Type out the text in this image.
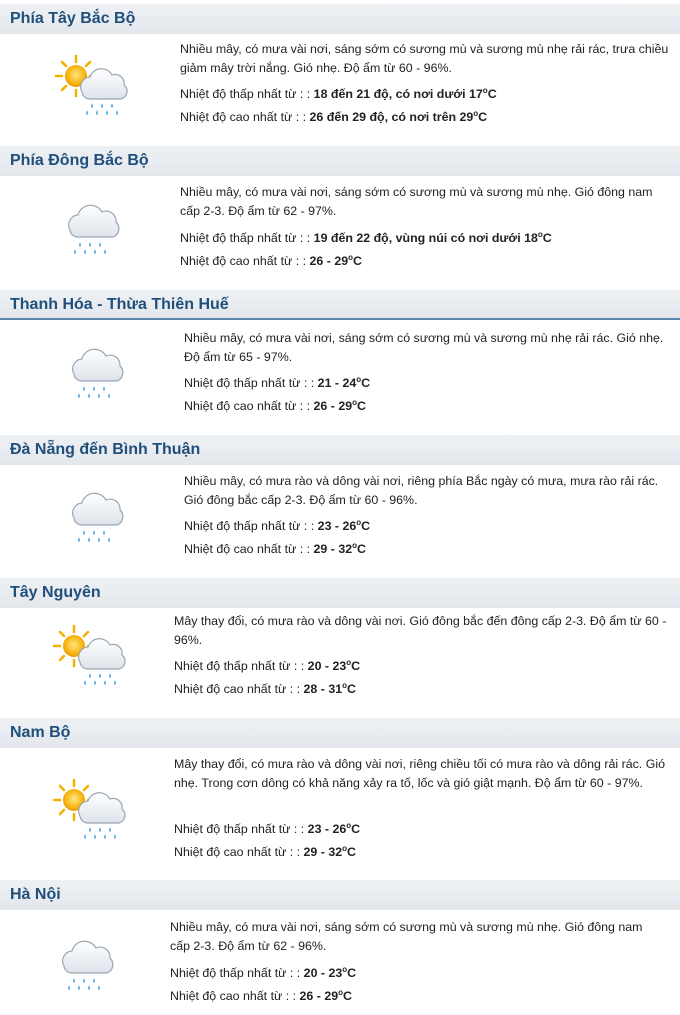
Phía Tây Bắc Bộ
Nhiều mây, có mưa vài nơi, sáng sớm có sương mù và sương mù nhẹ rải rác, trưa chiều giảm mây trời nắng. Gió nhẹ. Độ ẩm từ 60 - 96%.
Nhiệt độ thấp nhất từ : : 18 đến 21 độ, có nơi dưới 17$^o$C
Nhiệt độ cao nhất từ : : 26 đến 29 độ, có nơi trên 29$^o$C
Phía Đông Bắc Bộ
Nhiều mây, có mưa vài nơi, sáng sớm có sương mù và sương mù nhẹ. Gió đông nam cấp 2-3. Độ ẩm từ 62 - 97%.
Nhiệt độ thấp nhất từ : : 19 đến 22 độ, vùng núi có nơi dưới 18$^o$C
Nhiệt độ cao nhất từ : : 26 - 29$^o$C
Thanh Hóa - Thừa Thiên Huế
Nhiều mây, có mưa vài nơi, sáng sớm có sương mù và sương mù nhẹ rải rác. Gió nhẹ. Độ ẩm từ 65 - 97%.
Nhiệt độ thấp nhất từ : : 21 - 24$^o$C
Nhiệt độ cao nhất từ : : 26 - 29$^o$C
Đà Nẵng đến Bình Thuận
Nhiều mây, có mưa rào và dông vài nơi, riêng phía Bắc ngày có mưa, mưa rào rải rác. Gió đông bắc cấp 2-3. Độ ẩm từ 60 - 96%.
Nhiệt độ thấp nhất từ : : 23 - 26$^o$C
Nhiệt độ cao nhất từ : : 29 - 32$^o$C
Tây Nguyên
Mây thay đổi, có mưa rào và dông vài nơi. Gió đông bắc đến đông cấp 2-3. Độ ẩm từ 60 - 96%.
Nhiệt độ thấp nhất từ : : 20 - 23$^o$C
Nhiệt độ cao nhất từ : : 28 - 31$^o$C
Nam Bộ
Mây thay đổi, có mưa rào và dông vài nơi, riêng chiều tối có mưa rào và dông rải rác. Gió nhẹ. Trong cơn dông có khả năng xảy ra tố, lốc và gió giật mạnh. Độ ẩm từ 60 - 97%.
Nhiệt độ thấp nhất từ : : 23 - 26$^o$C
Nhiệt độ cao nhất từ : : 29 - 32$^o$C
Hà Nội
Nhiều mây, có mưa vài nơi, sáng sớm có sương mù và sương mù nhẹ. Gió đông nam cấp 2-3. Độ ẩm từ 62 - 96%.
Nhiệt độ thấp nhất từ : : 20 - 23$^o$C
Nhiệt độ cao nhất từ : : 26 - 29$^o$C
